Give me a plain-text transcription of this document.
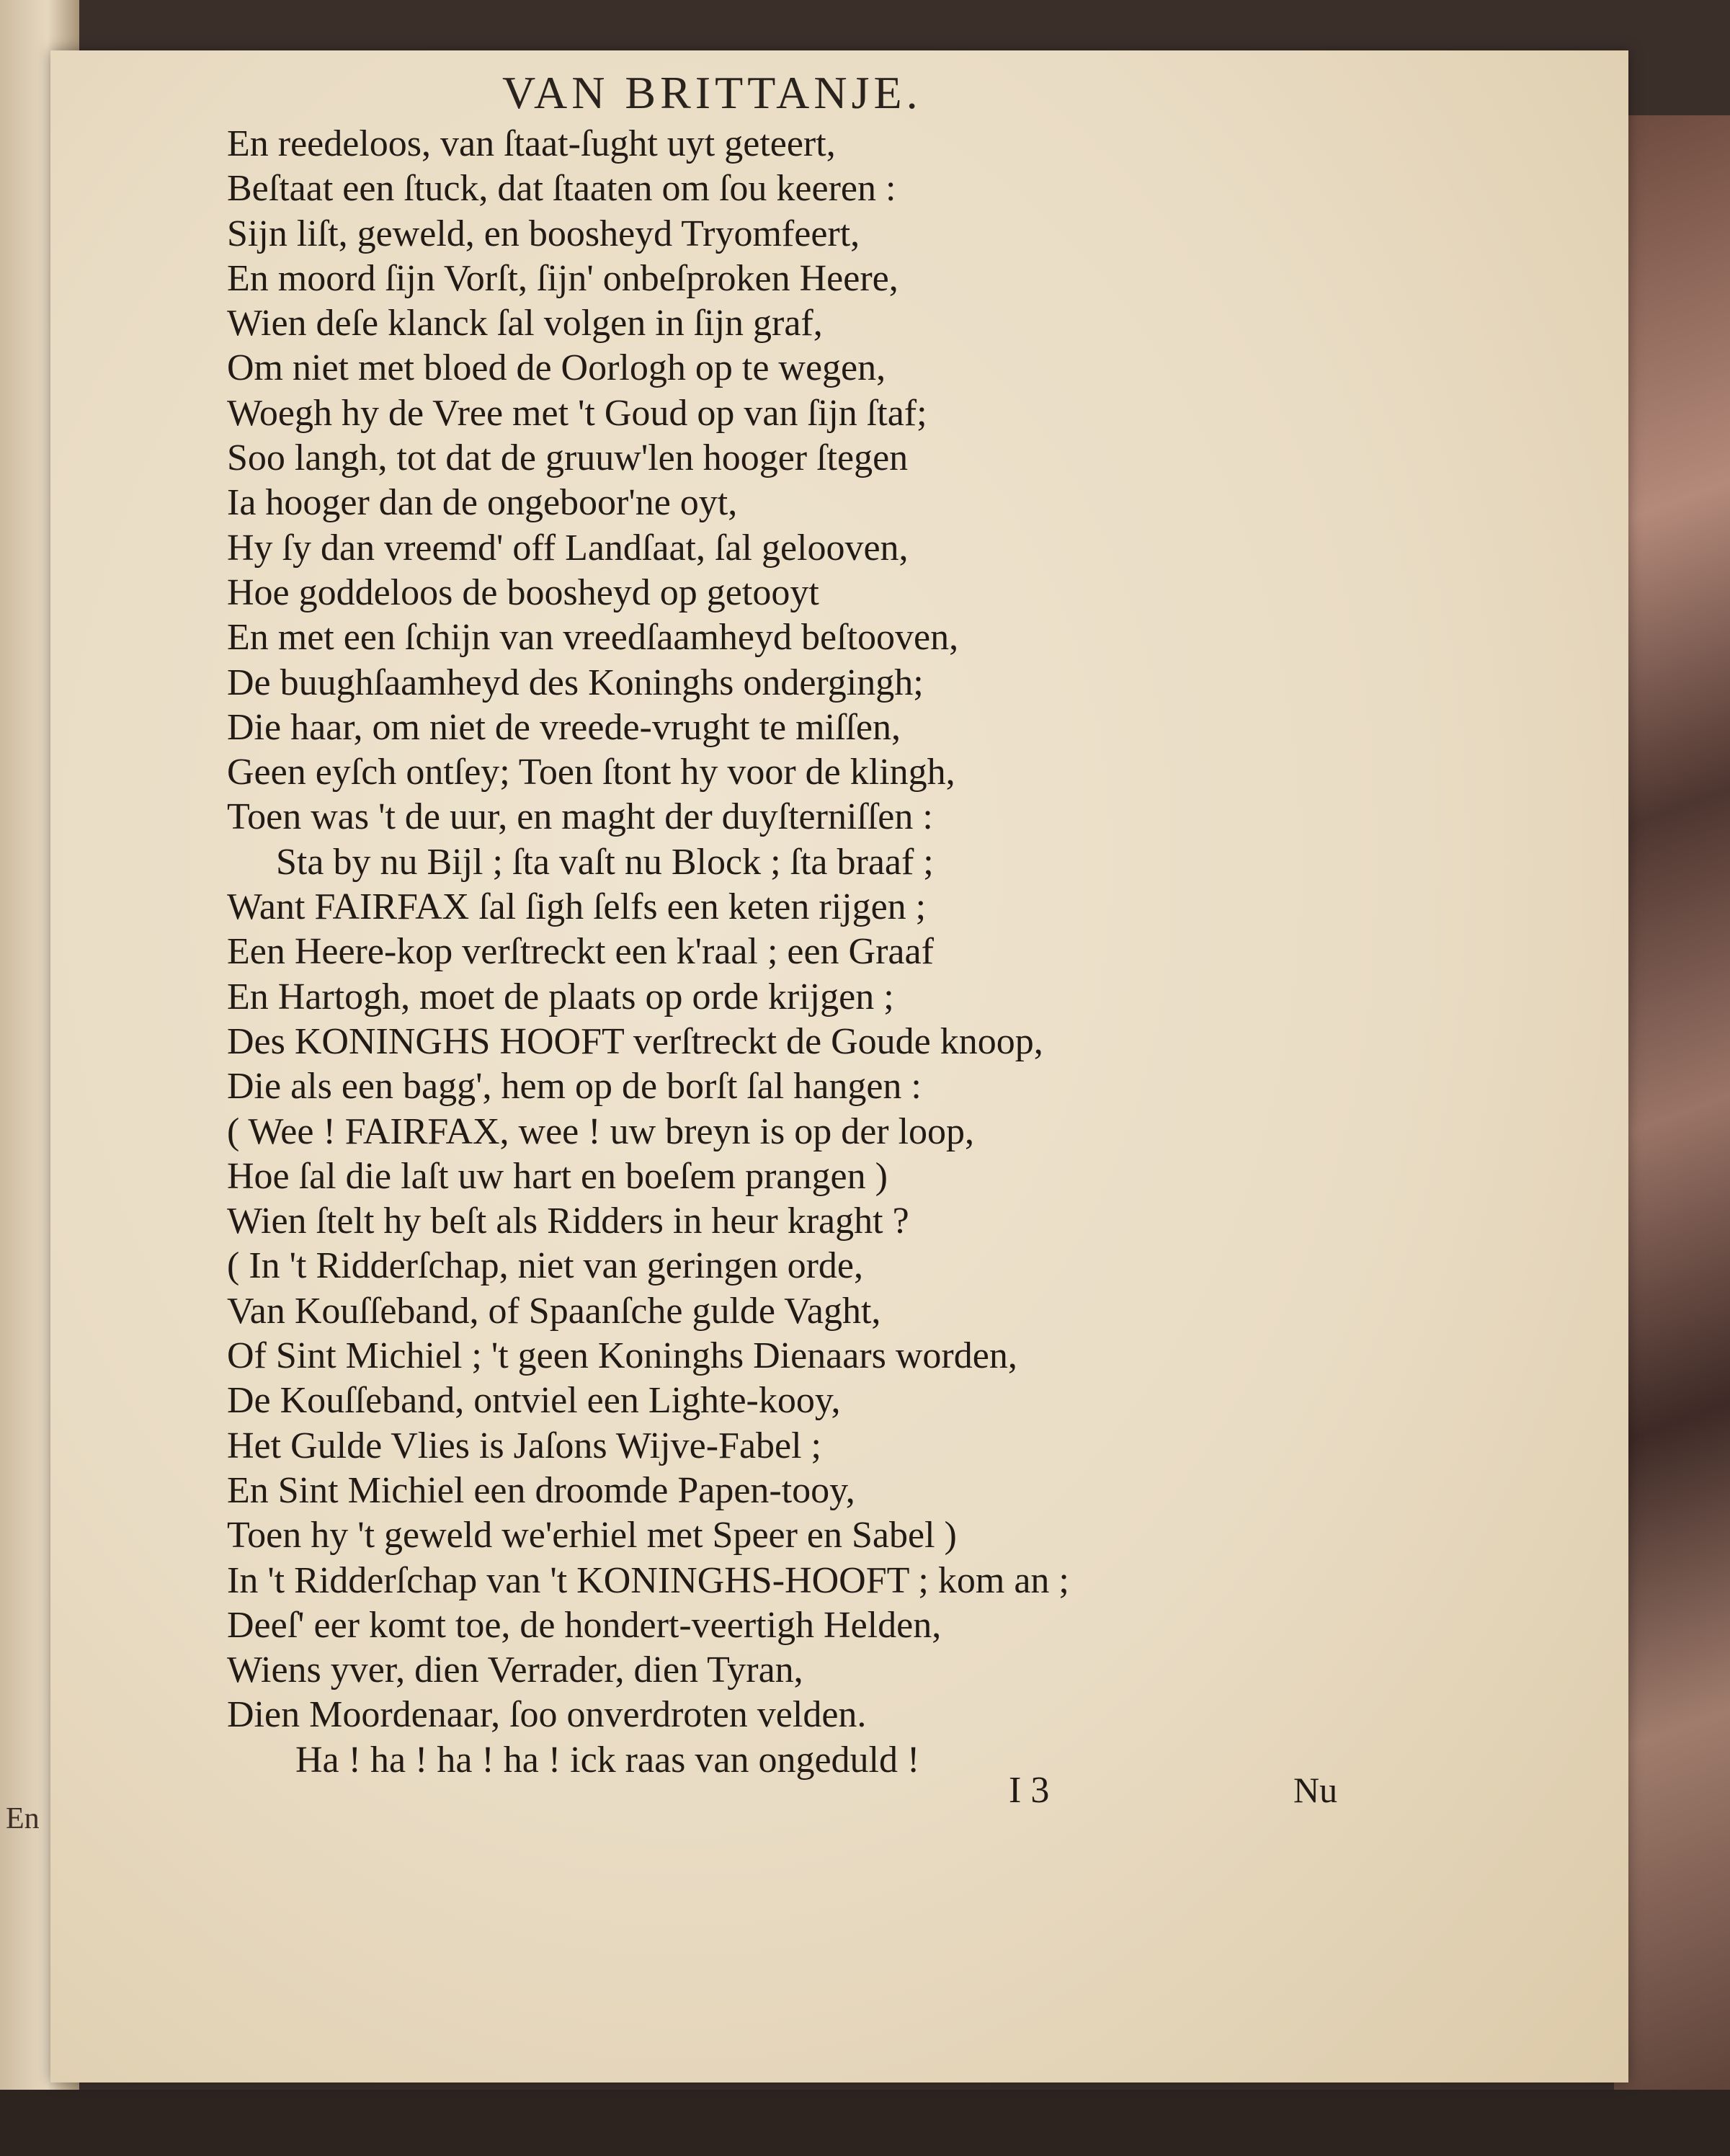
En
VAN BRITTANJE.
En reedeloos, van ſtaat-ſught uyt geteert,
Beſtaat een ſtuck, dat ſtaaten om ſou keeren :
Sijn liſt, geweld, en boosheyd Tryomfeert,
En moord ſijn Vorſt, ſijn' onbeſproken Heere,
Wien deſe klanck ſal volgen in ſijn graf,
Om niet met bloed de Oorlogh op te wegen,
Woegh hy de Vree met 't Goud op van ſijn ſtaf;
Soo langh, tot dat de gruuw'len hooger ſtegen
Ia hooger dan de ongeboor'ne oyt,
Hy ſy dan vreemd' off Landſaat, ſal gelooven,
Hoe goddeloos de boosheyd op getooyt
En met een ſchijn van vreedſaamheyd beſtooven,
De buughſaamheyd des Koninghs ondergingh;
Die haar, om niet de vreede-vrught te miſſen,
Geen eyſch ontſey; Toen ſtont hy voor de klingh,
Toen was 't de uur, en maght der duyſterniſſen :
Sta by nu Bijl ; ſta vaſt nu Block ; ſta braaf ;
Want FAIRFAX ſal ſigh ſelfs een keten rijgen ;
Een Heere-kop verſtreckt een k'raal ; een Graaf
En Hartogh, moet de plaats op orde krijgen ;
Des KONINGHS HOOFT verſtreckt de Goude knoop,
Die als een bagg', hem op de borſt ſal hangen :
( Wee ! FAIRFAX, wee ! uw breyn is op der loop,
Hoe ſal die laſt uw hart en boeſem prangen )
Wien ſtelt hy beſt als Ridders in heur kraght ?
( In 't Ridderſchap, niet van geringen orde,
Van Kouſſeband, of Spaanſche gulde Vaght,
Of Sint Michiel ; 't geen Koninghs Dienaars worden,
De Kouſſeband, ontviel een Lighte-kooy,
Het Gulde Vlies is Jaſons Wijve-Fabel ;
En Sint Michiel een droomde Papen-tooy,
Toen hy 't geweld we'erhiel met Speer en Sabel )
In 't Ridderſchap van 't KONINGHS-HOOFT ; kom an ;
Deeſ' eer komt toe, de hondert-veertigh Helden,
Wiens yver, dien Verrader, dien Tyran,
Dien Moordenaar, ſoo onverdroten velden.
Ha ! ha ! ha ! ha ! ick raas van ongeduld !
I 3	Nu
